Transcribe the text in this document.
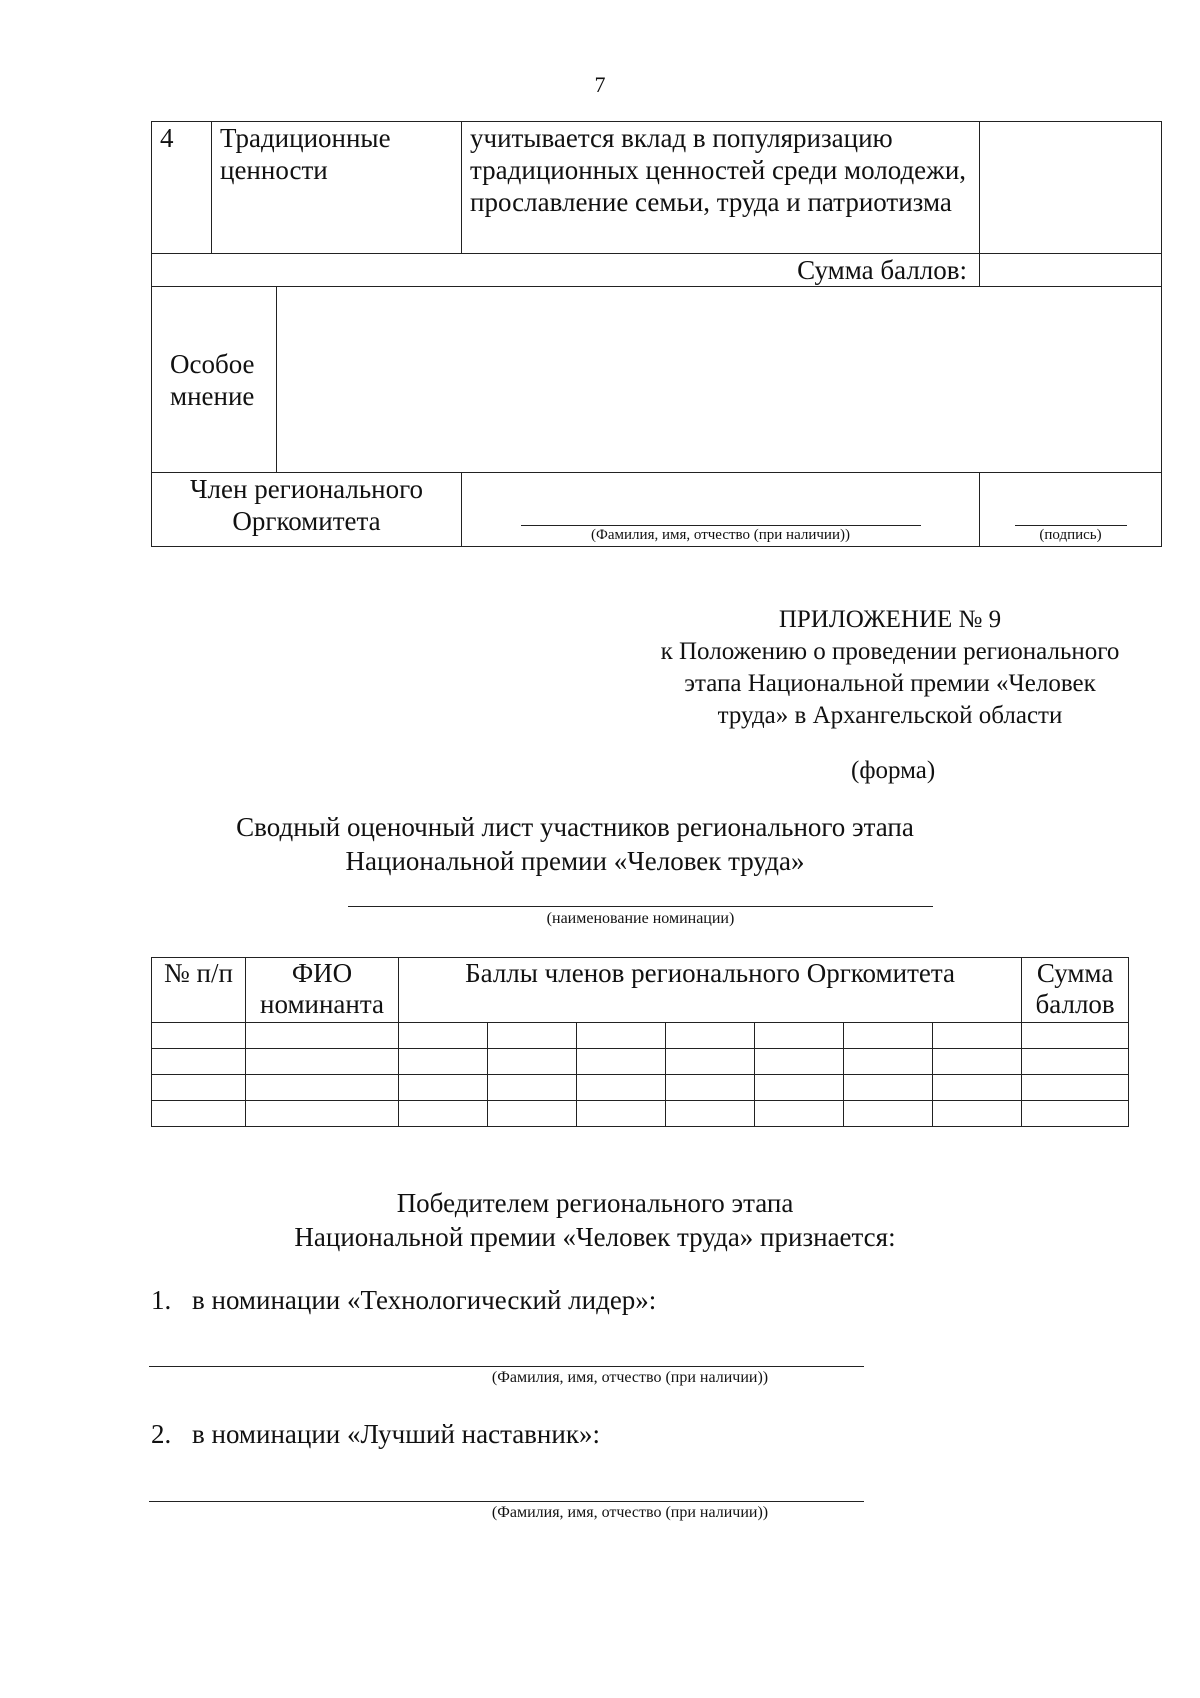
7
4	Традиционные ценности		учитывается вклад в популяризацию традиционных ценностей среди молодежи, прославление семьи, труда и патриотизма	
Сумма баллов:				
Особое мнение				
Член регионального Оргкомитета			(Фамилия, имя, отчество (при наличии))	(подпись)
ПРИЛОЖЕНИЕ № 9
к Положению о проведении регионального
этапа Национальной премии «Человек
труда» в Архангельской области
(форма)
Сводный оценочный лист участников регионального этапа
Национальной премии «Человек труда»
(наименование номинации)
№ п/п	ФИО номинанта	Баллы членов регионального Оргкомитета							Сумма баллов

Победителем регионального этапа
Национальной премии «Человек труда» признается:
1. в номинации «Технологический лидер»:
(Фамилия, имя, отчество (при наличии))
2. в номинации «Лучший наставник»:
(Фамилия, имя, отчество (при наличии))
